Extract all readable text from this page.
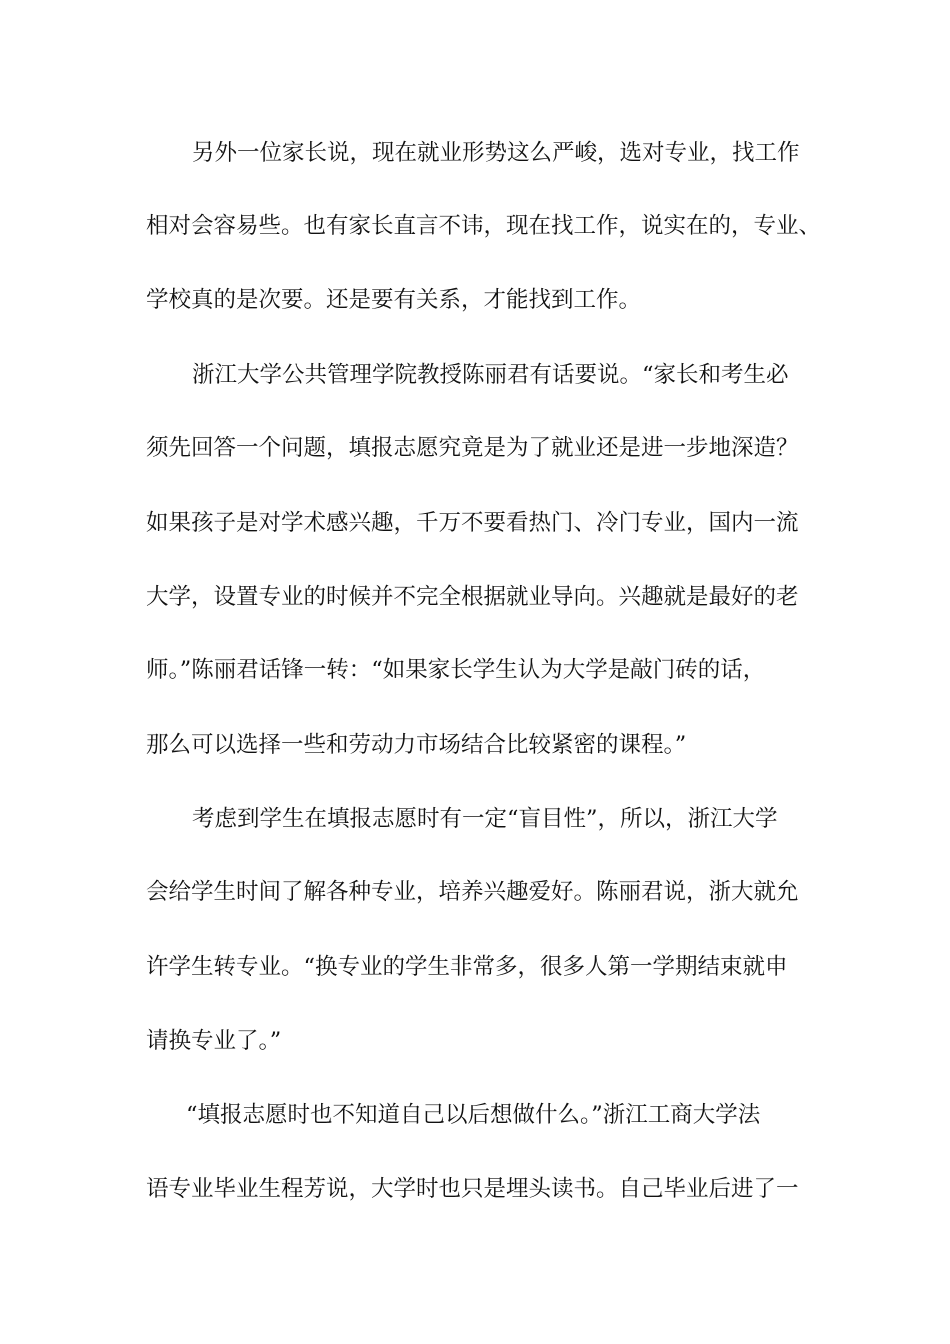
另外一位家长说，现在就业形势这么严峻，选对专业，找工作
相对会容易些。也有家长直言不讳，现在找工作，说实在的，专业、
学校真的是次要。还是要有关系，才能找到工作。
浙江大学公共管理学院教授陈丽君有话要说。“家长和考生必
须先回答一个问题，填报志愿究竟是为了就业还是进一步地深造？
如果孩子是对学术感兴趣，千万不要看热门、冷门专业，国内一流
大学，设置专业的时候并不完全根据就业导向。兴趣就是最好的老
师。”陈丽君话锋一转：“如果家长学生认为大学是敲门砖的话，
那么可以选择一些和劳动力市场结合比较紧密的课程。”
考虑到学生在填报志愿时有一定“盲目性”，所以，浙江大学
会给学生时间了解各种专业，培养兴趣爱好。陈丽君说，浙大就允
许学生转专业。“换专业的学生非常多，很多人第一学期结束就申
请换专业了。”
“填报志愿时也不知道自己以后想做什么。”浙江工商大学法
语专业毕业生程芳说，大学时也只是埋头读书。自己毕业后进了一
